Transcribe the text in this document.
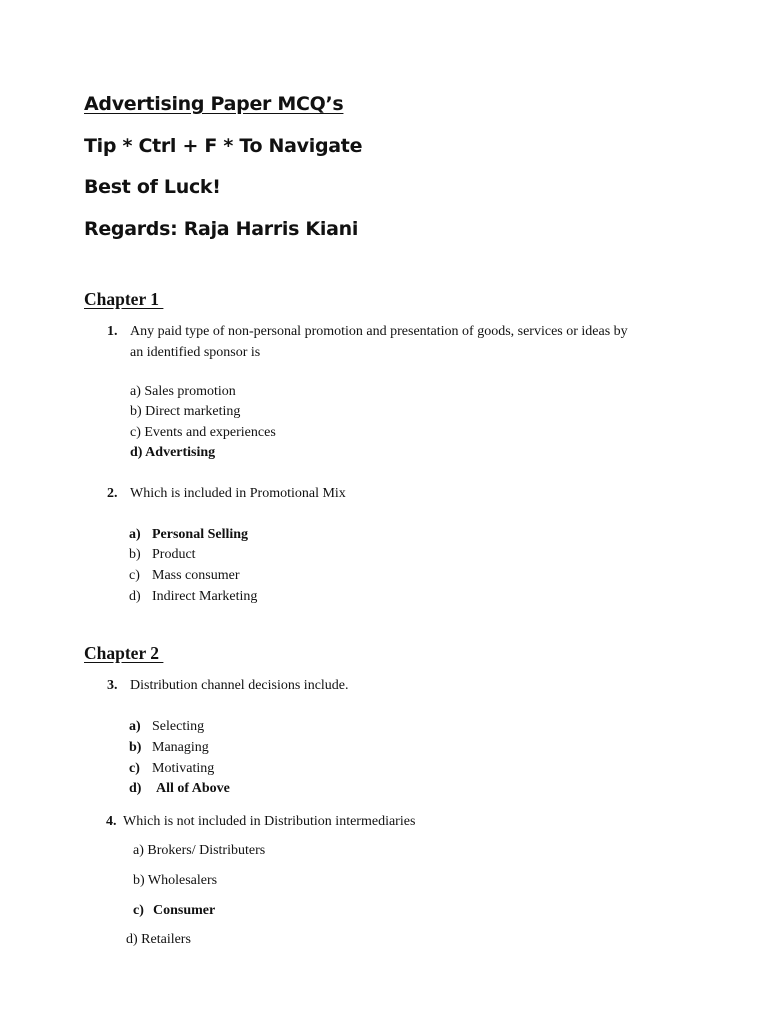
Advertising Paper MCQ’s
Tip * Ctrl + F * To Navigate
Best of Luck!
Regards: Raja Harris Kiani
Chapter 1
1. Any paid type of non-personal promotion and presentation of goods, services or ideas by
an identified sponsor is
a) Sales promotion
b) Direct marketing
c) Events and experiences
d) Advertising
2. Which is included in Promotional Mix
a) Personal Selling
b) Product
c) Mass consumer
d) Indirect Marketing
Chapter 2
3. Distribution channel decisions include.
a) Selecting
b) Managing
c) Motivating
d) All of Above
4. Which is not included in Distribution intermediaries
a) Brokers/ Distributers
b) Wholesalers
c) Consumer
d) Retailers
